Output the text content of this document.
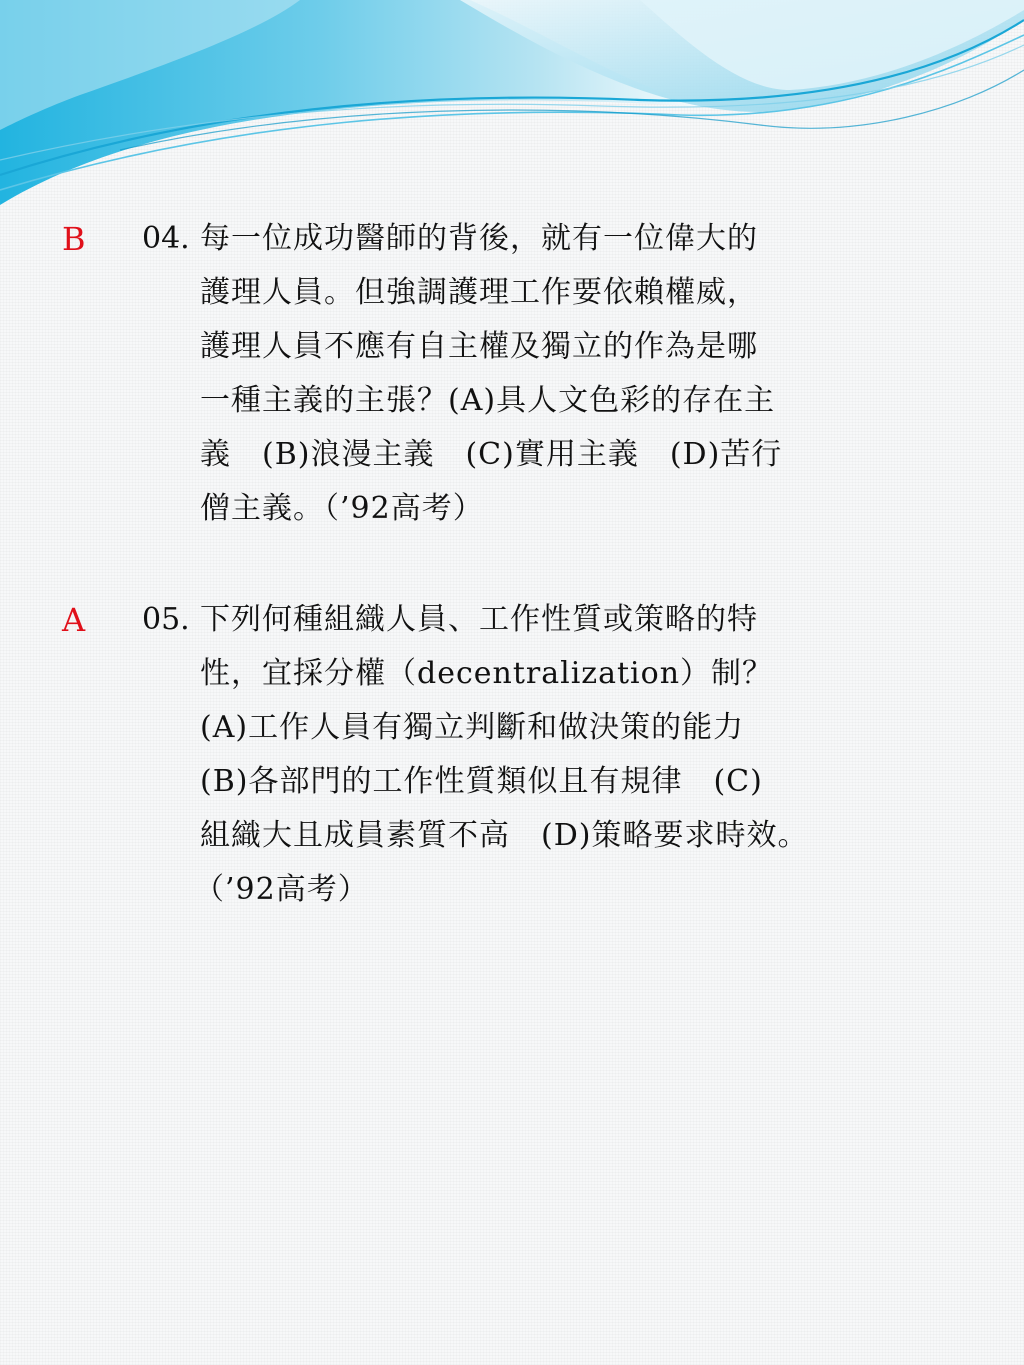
B 04. 每一位成功醫師的背後，就有一位偉大的
護理人員。但強調護理工作要依賴權威，
護理人員不應有自主權及獨立的作為是哪
一種主義的主張？(A)具人文色彩的存在主
義　(B)浪漫主義　(C)實用主義　(D)苦行
僧主義。（’92高考）
A 05. 下列何種組織人員、工作性質或策略的特
性，宜採分權（decentralization）制？
(A)工作人員有獨立判斷和做決策的能力
(B)各部門的工作性質類似且有規律　(C)
組織大且成員素質不高　(D)策略要求時效。
（’92高考）
